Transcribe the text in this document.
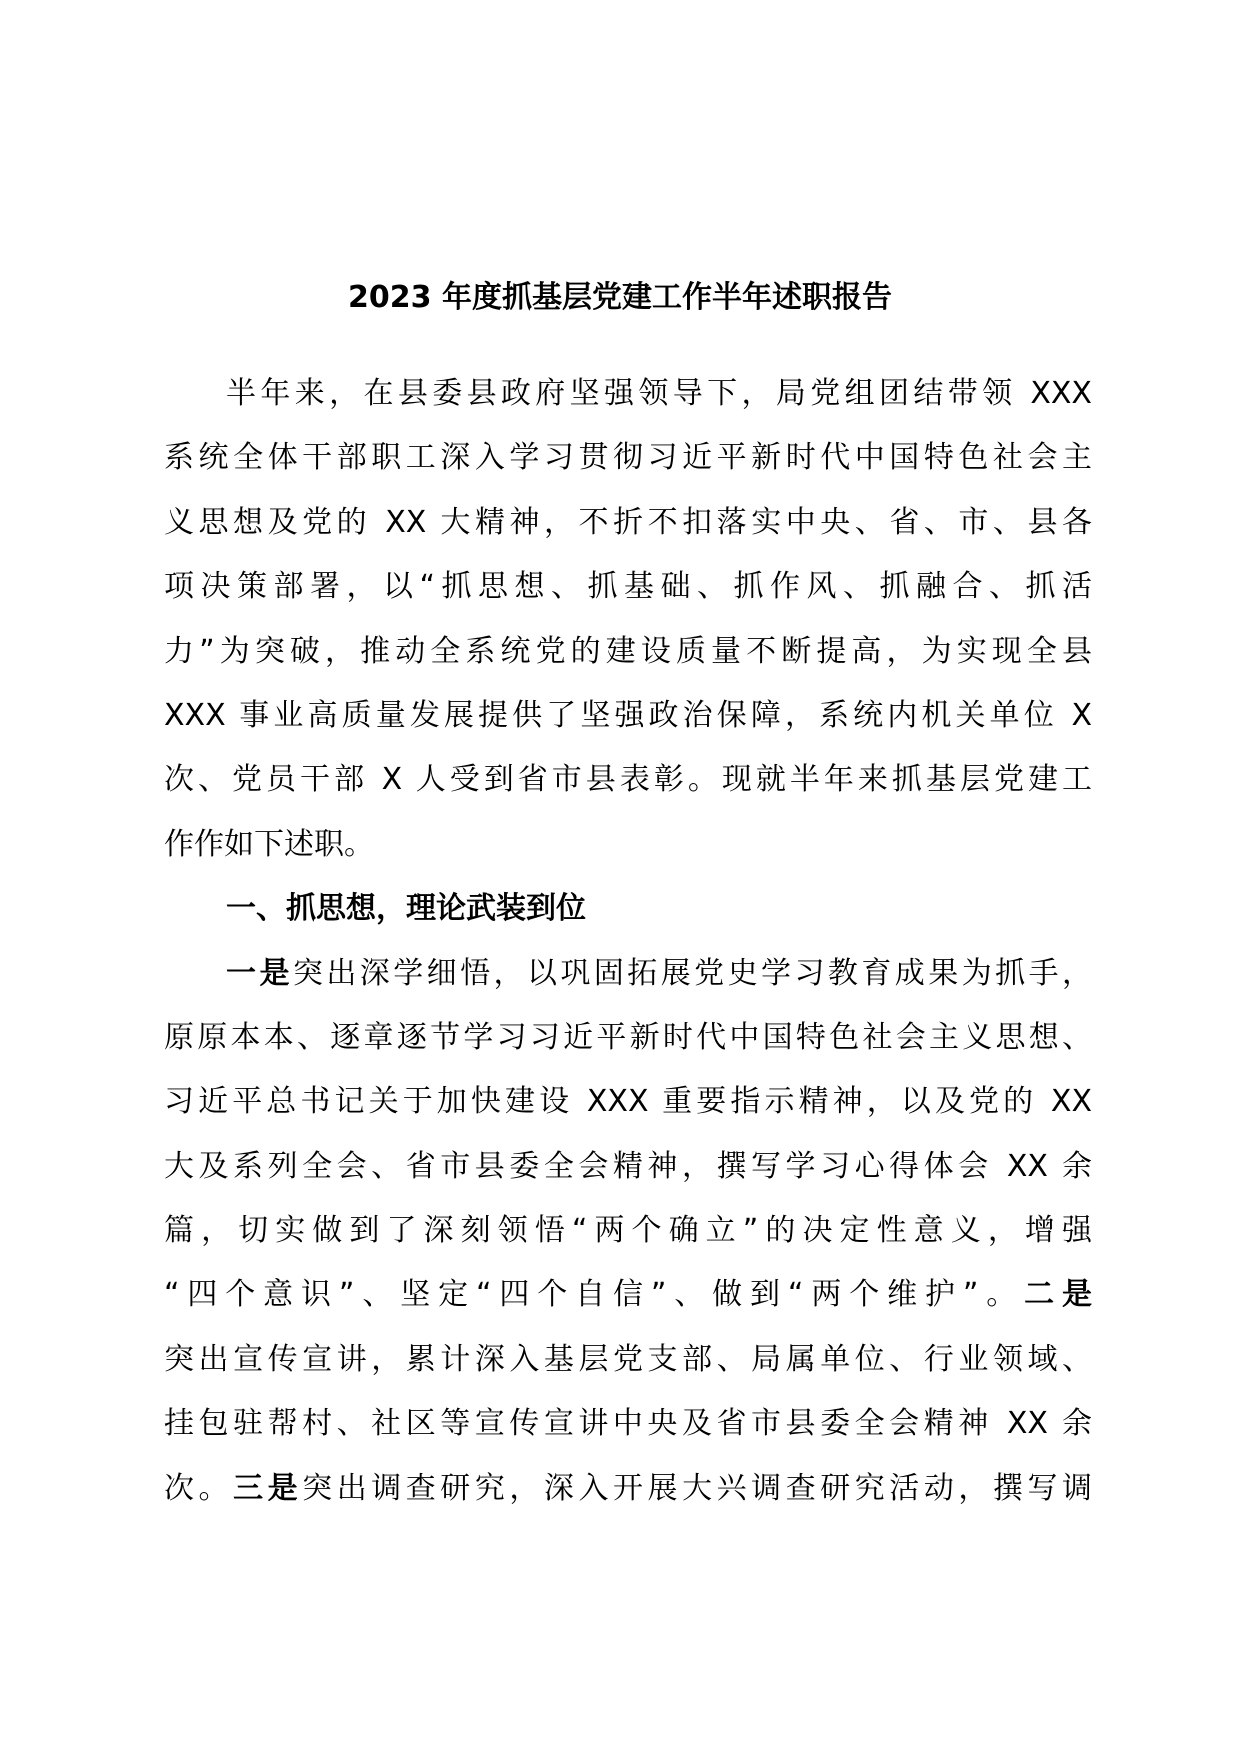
2023 年度抓基层党建工作半年述职报告
半年来，在县委县政府坚强领导下，局党组团结带领 XXX
系统全体干部职工深入学习贯彻习近平新时代中国特色社会主
义思想及党的 XX 大精神，不折不扣落实中央、省、市、县各
项决策部署，以“抓思想、抓基础、抓作风、抓融合、抓活
力”为突破，推动全系统党的建设质量不断提高，为实现全县
XXX 事业高质量发展提供了坚强政治保障，系统内机关单位 X
次、党员干部 X 人受到省市县表彰。现就半年来抓基层党建工
作作如下述职。
一、抓思想，理论武装到位
一是突出深学细悟，以巩固拓展党史学习教育成果为抓手，
原原本本、逐章逐节学习习近平新时代中国特色社会主义思想、
习近平总书记关于加快建设 XXX 重要指示精神，以及党的 XX
大及系列全会、省市县委全会精神，撰写学习心得体会 XX 余
篇，切实做到了深刻领悟“两个确立”的决定性意义，增强
“四个意识”、坚定“四个自信”、做到“两个维护”。二是
突出宣传宣讲，累计深入基层党支部、局属单位、行业领域、
挂包驻帮村、社区等宣传宣讲中央及省市县委全会精神 XX 余
次。三是突出调查研究，深入开展大兴调查研究活动，撰写调
